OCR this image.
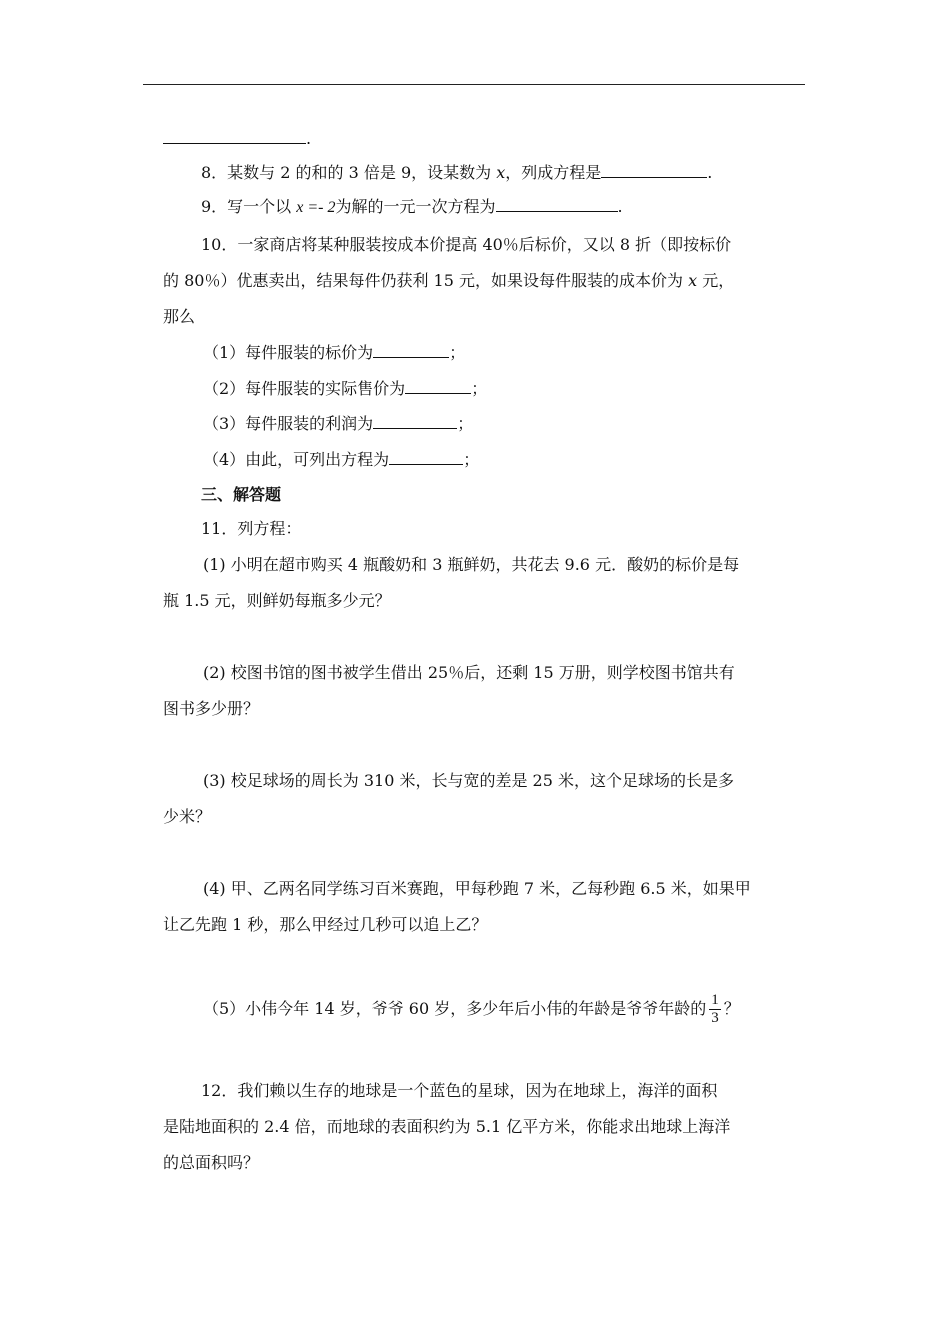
.
8．某数与 2 的和的 3 倍是 9，设某数为 x，列成方程是	.
9．写一个以 x =- 2为解的一元一次方程为	.
10．一家商店将某种服装按成本价提高 40％后标价，又以 8 折（即按标价
的 80％）优惠卖出，结果每件仍获利 15 元，如果设每件服装的成本价为 x 元，
那么
（1）每件服装的标价为	；
（2）每件服装的实际售价为	；
（3）每件服装的利润为	；
（4）由此，可列出方程为	；
三、解答题
11．列方程：
(1) 小明在超市购买 4 瓶酸奶和 3 瓶鲜奶，共花去 9.6 元．酸奶的标价是每
瓶 1.5 元，则鲜奶每瓶多少元？
(2) 校图书馆的图书被学生借出 25％后，还剩 15 万册，则学校图书馆共有
图书多少册？
(3) 校足球场的周长为 310 米，长与宽的差是 25 米，这个足球场的长是多
少米？
(4) 甲、乙两名同学练习百米赛跑，甲每秒跑 7 米，乙每秒跑 6.5 米，如果甲
让乙先跑 1 秒，那么甲经过几秒可以追上乙？
（5）小伟今年 14 岁，爷爷 60 岁，多少年后小伟的年龄是爷爷年龄的 $\frac{1}{3}$ ？
12．我们赖以生存的地球是一个蓝色的星球，因为在地球上，海洋的面积
是陆地面积的 2.4 倍，而地球的表面积约为 5.1 亿平方米，你能求出地球上海洋
的总面积吗？
